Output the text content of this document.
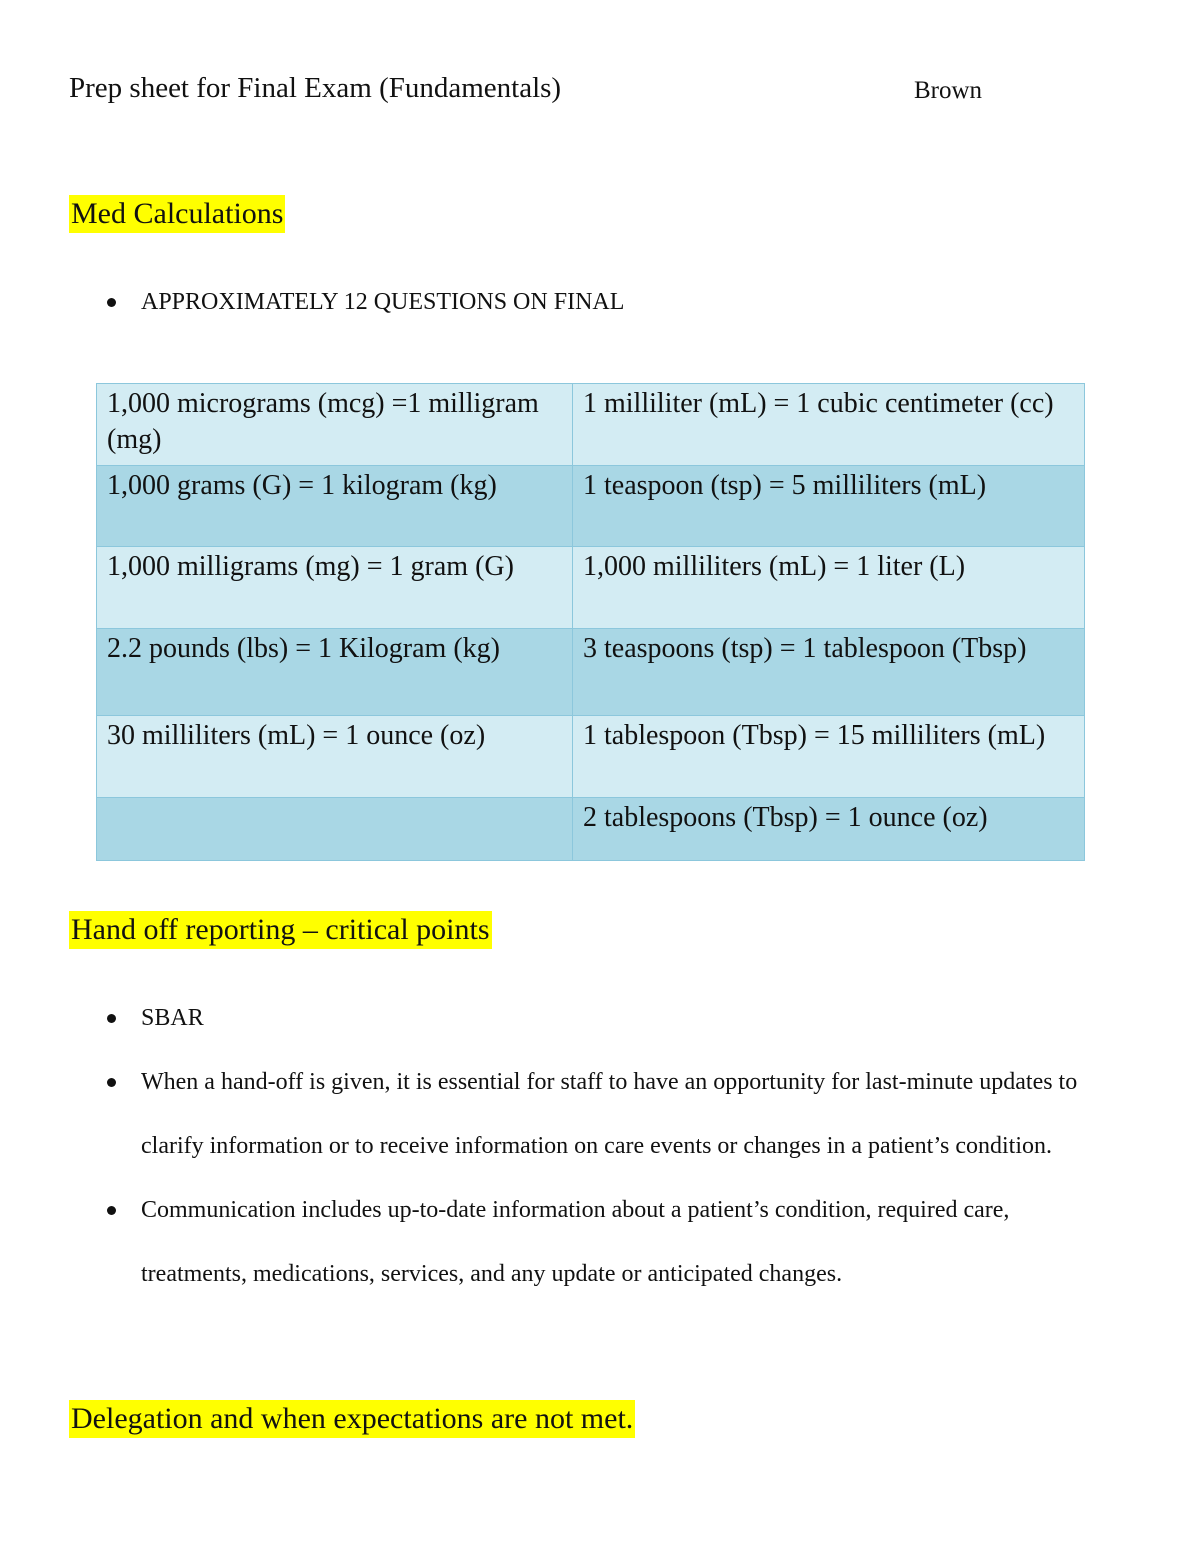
Prep sheet for Final Exam (Fundamentals)	Brown
Med Calculations
APPROXIMATELY 12 QUESTIONS ON FINAL
1,000 micrograms (mcg) =1 milligram (mg)	1 milliliter (mL) = 1 cubic centimeter (cc)
1,000 grams (G) = 1 kilogram (kg)	1 teaspoon (tsp) = 5 milliliters (mL)
1,000 milligrams (mg) = 1 gram (G)	1,000 milliliters (mL) = 1 liter (L)
2.2 pounds (lbs) = 1 Kilogram (kg)	3 teaspoons (tsp) = 1 tablespoon (Tbsp)
30 milliliters (mL) = 1 ounce (oz)	1 tablespoon (Tbsp) = 15 milliliters (mL)
	2 tablespoons (Tbsp) = 1 ounce (oz)
Hand off reporting – critical points
SBAR
When a hand-off is given, it is essential for staff to have an opportunity for last-minute updates to clarify information or to receive information on care events or changes in a patient’s condition.
Communication includes up-to-date information about a patient’s condition, required care, treatments, medications, services, and any update or anticipated changes.
Delegation and when expectations are not met.
